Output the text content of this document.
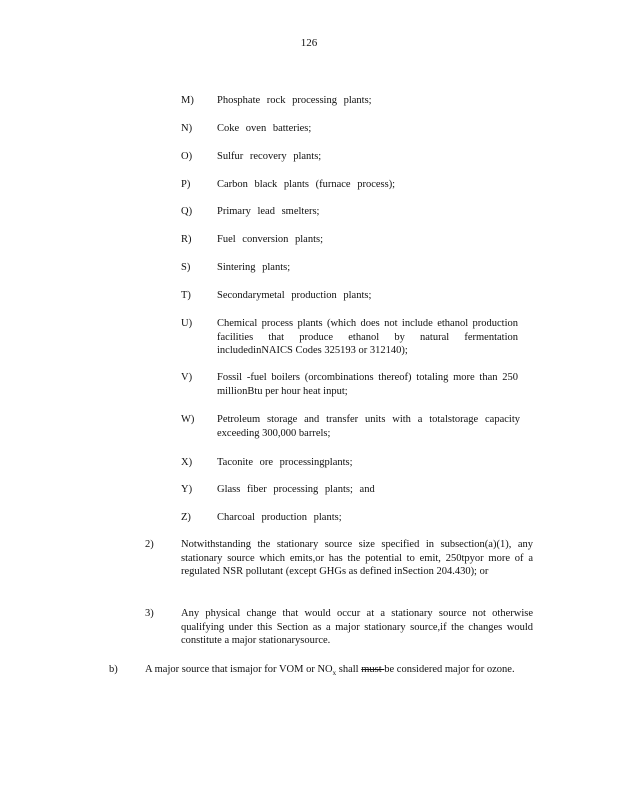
126
M) Phosphate rock processing plants;
N) Coke oven batteries;
O) Sulfur recovery plants;
P)	Carbon black plants (furnace process);
Q) Primary lead smelters;
R) Fuel conversion plants;
S)	Sintering plants;
T) Secondarymetal production plants;
U) Chemical process plants (which does not include ethanol production facilities that produce ethanol by natural fermentation includedinNAICS Codes 325193 or 312140);
V) Fossil -fuel boilers (orcombinations thereof) totaling more than 250 millionBtu per hour heat input;
W) Petroleum storage and transfer units with a totalstorage capacity exceeding 300,000 barrels;
X) Taconite ore processingplants;
Y) Glass fiber processing plants; and
Z) Charcoal production plants;
2)	Notwithstanding the stationary source size specified in subsection(a)(1), any stationary source which emits,or has the potential to emit, 250tpyor more of a regulated NSR pollutant (except GHGs as defined inSection 204.430); or
3)	Any physical change that would occur at a stationary source not otherwise qualifying under this Section as a major stationary source,if the changes would constitute a major stationarysource.
b)	A major source that ismajor for VOM or $NO_x$ shall must be considered major for ozone.
